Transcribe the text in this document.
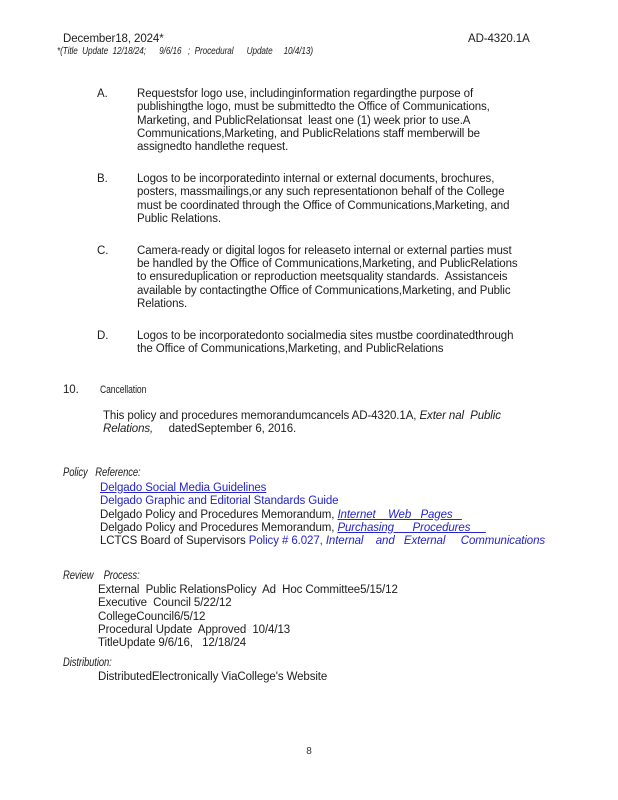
December18, 2024*	AD-4320.1A
*(Title  Update  12/18/24;      9/6/16   ;  Procedural      Update     10/4/13)
A.	Requestsfor logo use, includinginformation regardingthe purpose of
publishingthe logo, must be submittedto the Office of Communications,
Marketing, and PublicRelationsat  least one (1) week prior to use.A
Communications,Marketing, and PublicRelations staff memberwill be
assignedto handlethe request.
B.	Logos to be incorporatedinto internal or external documents, brochures,
posters, massmailings,or any such representationon behalf of the College
must be coordinated through the Office of Communications,Marketing, and
Public Relations.
C. Camera-ready or digital logos for releaseto internal or external parties must
be handled by the Office of Communications,Marketing, and PublicRelations
to ensureduplication or reproduction meetsquality standards.  Assistanceis
available by contactingthe Office of Communications,Marketing, and Public
Relations.
D. Logos to be incorporatedonto socialmedia sites mustbe coordinatedthrough
the Office of Communications,Marketing, and PublicRelations
10. Cancellation
This policy and procedures memorandumcancels AD-4320.1A, Exter nal  Public
Relations,     datedSeptember 6, 2016.
Policy   Reference:
Delgado Social Media Guidelines
Delgado Graphic and Editorial Standards Guide
Delgado Policy and Procedures Memorandum, Internet    Web   Pages
Delgado Policy and Procedures Memorandum, Purchasing      Procedures
LCTCS Board of Supervisors Policy # 6.027, Internal    and   External     Communications
Review    Process:
External  Public RelationsPolicy  Ad  Hoc Committee5/15/12
Executive  Council 5/22/12
CollegeCouncil6/5/12
Procedural Update  Approved  10/4/13
TitleUpdate 9/6/16,   12/18/24
Distribution:
DistributedElectronically ViaCollege's Website
8
